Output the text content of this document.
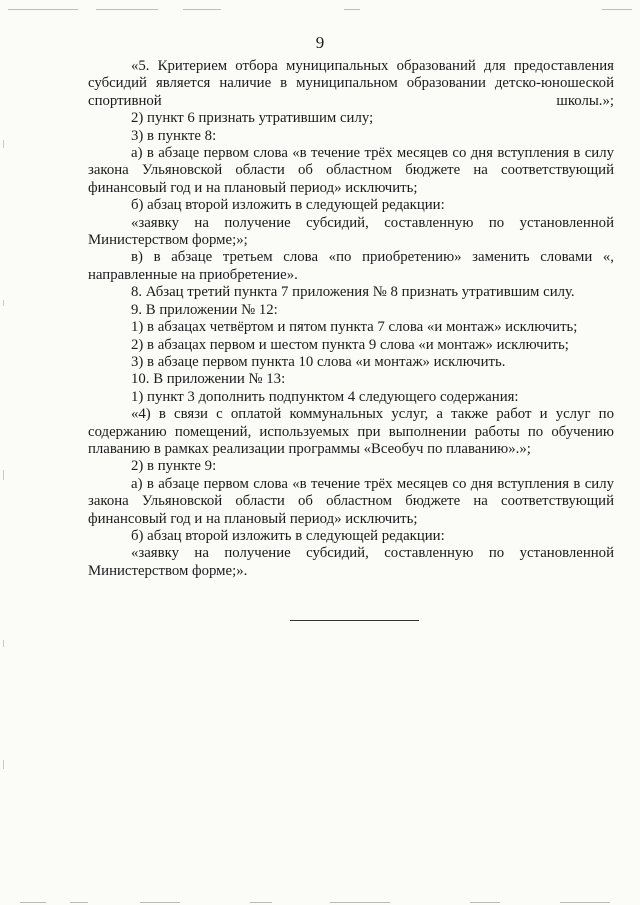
9

«5. Критерием отбора муниципальных образований для предоставления субсидий является наличие в муниципальном образовании детско-юношеской спортивной школы.»;

2) пункт 6 признать утратившим силу;

3) в пункте 8:

а) в абзаце первом слова «в течение трёх месяцев со дня вступления в силу закона Ульяновской области об областном бюджете на соответствующий финансовый год и на плановый период» исключить;

б) абзац второй изложить в следующей редакции:

«заявку на получение субсидий, составленную по установленной Министерством форме;»;

в) в абзаце третьем слова «по приобретению» заменить словами «, направленные на приобретение».

8. Абзац третий пункта 7 приложения № 8 признать утратившим силу.

9. В приложении № 12:

1) в абзацах четвёртом и пятом пункта 7 слова «и монтаж» исключить;

2) в абзацах первом и шестом пункта 9 слова «и монтаж» исключить;

3) в абзаце первом пункта 10 слова «и монтаж» исключить.

10. В приложении № 13:

1) пункт 3 дополнить подпунктом 4 следующего содержания:

«4) в связи с оплатой коммунальных услуг, а также работ и услуг по содержанию помещений, используемых при выполнении работы по обучению плаванию в рамках реализации программы «Всеобуч по плаванию».»;

2) в пункте 9:

а) в абзаце первом слова «в течение трёх месяцев со дня вступления в силу закона Ульяновской области об областном бюджете на соответствующий финансовый год и на плановый период» исключить;

б) абзац второй изложить в следующей редакции:

«заявку на получение субсидий, составленную по установленной Министерством форме;».
